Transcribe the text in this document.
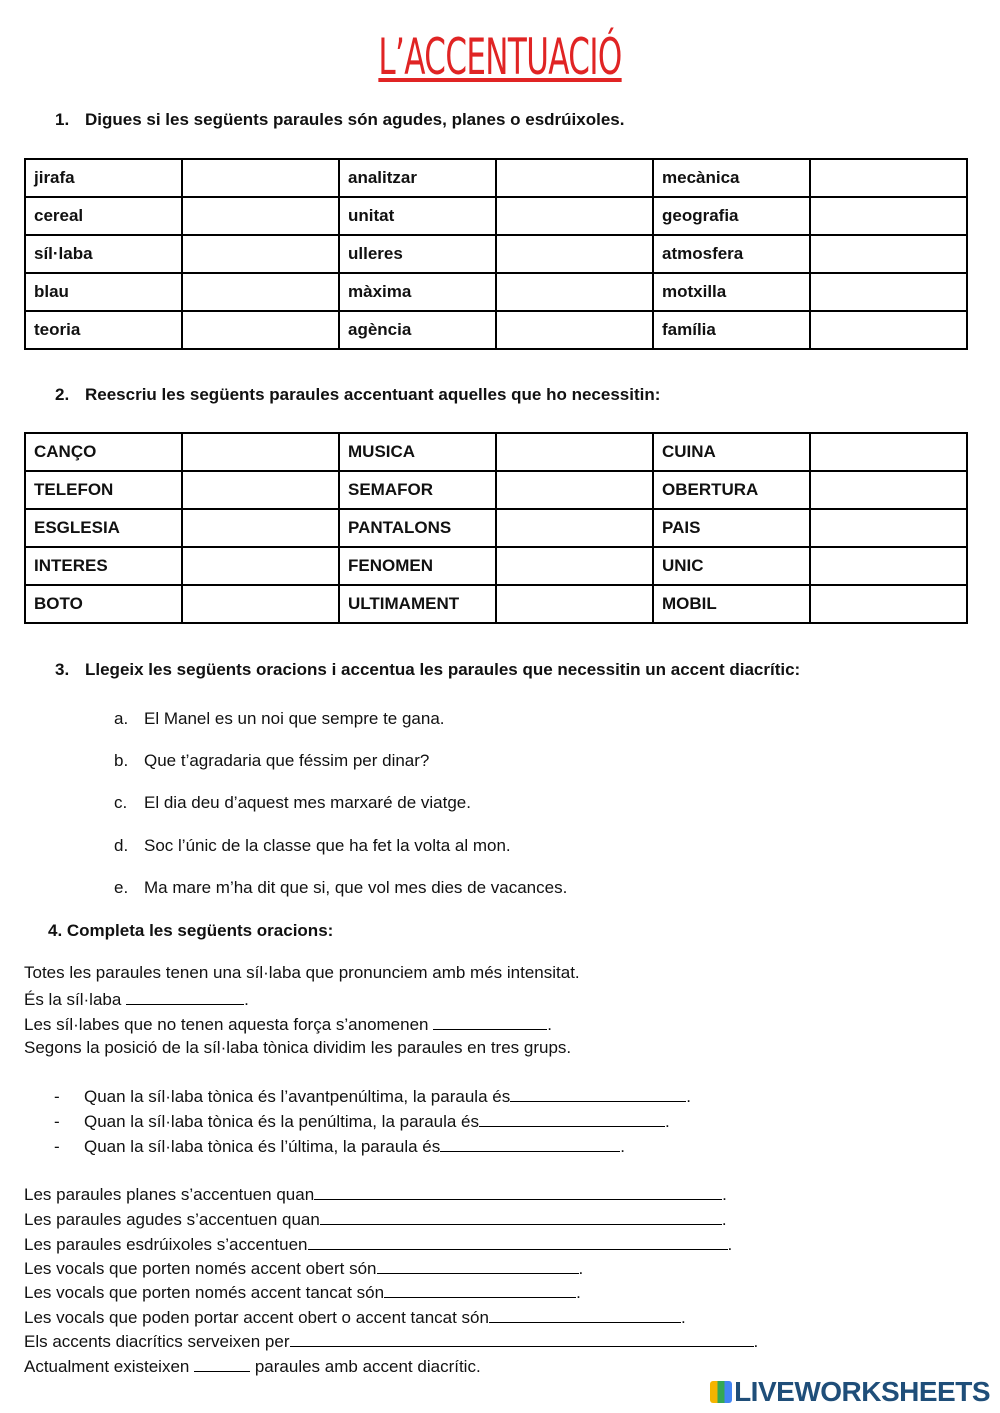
L’ACCENTUACIÓ
1. Digues si les següents paraules són agudes, planes o esdrúixoles.
jirafa		analitzar		mecànica	
cereal		unitat		geografia	
síl·laba		ulleres		atmosfera	
blau		màxima		motxilla	
teoria		agència		família	
2. Reescriu les següents paraules accentuant aquelles que ho necessitin:
CANÇO		MUSICA		CUINA	
TELEFON		SEMAFOR		OBERTURA	
ESGLESIA		PANTALONS		PAIS	
INTERES		FENOMEN		UNIC	
BOTO		ULTIMAMENT		MOBIL	
3. Llegeix les següents oracions i accentua les paraules que necessitin un accent diacrític:
a. El Manel es un noi que sempre te gana.
b. Que t’agradaria que féssim per dinar?
c. El dia deu d’aquest mes marxaré de viatge.
d. Soc l’únic de la classe que ha fet la volta al mon.
e. Ma mare m’ha dit que si, que vol mes dies de vacances.
4. Completa les següents oracions:
Totes les paraules tenen una síl·laba que pronunciem amb més intensitat.
És la síl·laba	.
Les síl·labes que no tenen aquesta força s’anomenen	.
Segons la posició de la síl·laba tònica dividim les paraules en tres grups.
- Quan la síl·laba tònica és l’avantpenúltima, la paraula és	.
- Quan la síl·laba tònica és la penúltima, la paraula és	.
- Quan la síl·laba tònica és l’última, la paraula és	.
Les paraules planes s’accentuen quan	.
Les paraules agudes s’accentuen quan	.
Les paraules esdrúixoles s’accentuen	.
Les vocals que porten només accent obert són	.
Les vocals que porten només accent tancat són	.
Les vocals que poden portar accent obert o accent tancat són	.
Els accents diacrítics serveixen per	.
Actualment existeixen	paraules amb accent diacrític.
LIVEWORKSHEETS
